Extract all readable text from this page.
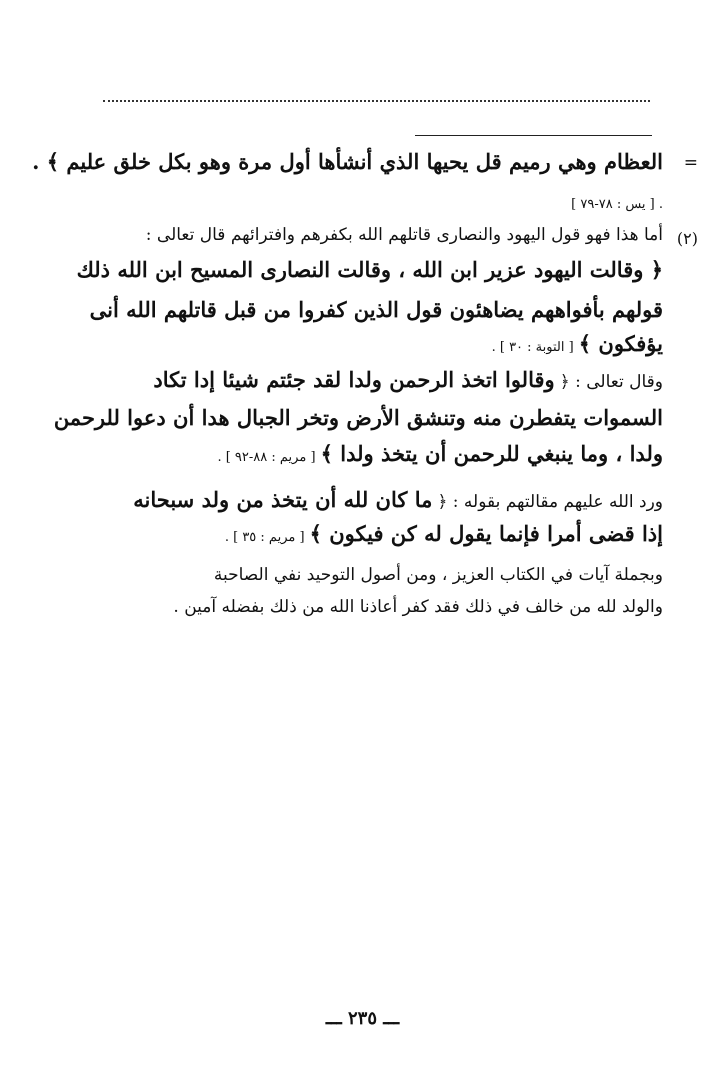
=
العظام وهي رميم قل يحيها الذي أنشأها أول مرة وهو بكل خلق عليم ﴾ .
. [ يس : ٧٨-٧٩ ]
(٢)
أما هذا فهو قول اليهود والنصارى قاتلهم الله بكفرهم وافترائهم قال تعالى :
﴿ وقالت اليهود عزير ابن الله ، وقالت النصارى المسيح ابن الله ذلك
قولهم بأفواههم يضاهئون قول الذين كفروا من قبل قاتلهم الله أنى
يؤفكون ﴾ [ التوبة : ٣٠ ] .
وقال تعالى : ﴿ وقالوا اتخذ الرحمن ولدا لقد جئتم شيئا إدا تكاد
السموات يتفطرن منه وتنشق الأرض وتخر الجبال هدا أن دعوا للرحمن
ولدا ، وما ينبغي للرحمن أن يتخذ ولدا ﴾ [ مريم : ٨٨-٩٢ ] .
ورد الله عليهم مقالتهم بقوله : ﴿ ما كان لله أن يتخذ من ولد سبحانه
إذا قضى أمرا فإنما يقول له كن فيكون ﴾ [ مريم : ٣٥ ] .
وبجملة آيات في الكتاب العزيز ، ومن أصول التوحيد نفي الصاحبة
والولد لله من خالف في ذلك فقد كفر أعاذنا الله من ذلك بفضله آمين .
ـــ ٢٣٥ ـــ
